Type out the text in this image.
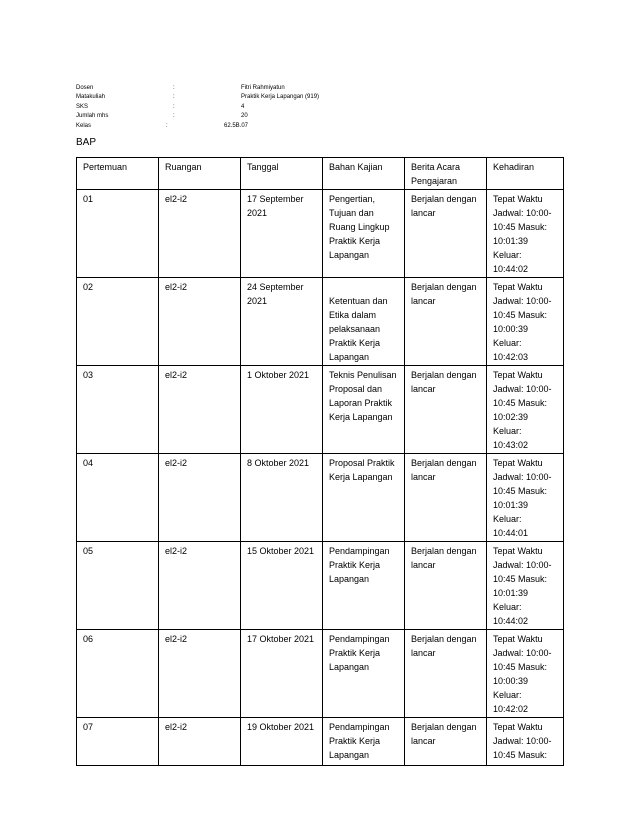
Dosen	:	Fitri Rahmiyatun
Matakuliah	:	Praktik Kerja Lapangan (919)
SKS	:	4
Jumlah mhs	:	20
Kelas	:	62.5B.07
BAP
Pertemuan	Ruangan	Tanggal	Bahan Kajian	Berita Acara Pengajaran	Kehadiran
01	el2-i2	17 September 2021	Pengertian, Tujuan dan Ruang Lingkup Praktik Kerja Lapangan	Berjalan dengan lancar	Tepat Waktu Jadwal: 10:00-10:45 Masuk: 10:01:39 Keluar: 10:44:02
02	el2-i2	24 September 2021	Ketentuan dan Etika dalam pelaksanaan Praktik Kerja Lapangan	Berjalan dengan lancar	Tepat Waktu Jadwal: 10:00-10:45 Masuk: 10:00:39 Keluar: 10:42:03
03	el2-i2	1 Oktober 2021	Teknis Penulisan Proposal dan Laporan Praktik Kerja Lapangan	Berjalan dengan lancar	Tepat Waktu Jadwal: 10:00-10:45 Masuk: 10:02:39 Keluar: 10:43:02
04	el2-i2	8 Oktober 2021	Proposal Praktik Kerja Lapangan	Berjalan dengan lancar	Tepat Waktu Jadwal: 10:00-10:45 Masuk: 10:01:39 Keluar: 10:44:01
05	el2-i2	15 Oktober 2021	Pendampingan Praktik Kerja Lapangan	Berjalan dengan lancar	Tepat Waktu Jadwal: 10:00-10:45 Masuk: 10:01:39 Keluar: 10:44:02
06	el2-i2	17 Oktober 2021	Pendampingan Praktik Kerja Lapangan	Berjalan dengan lancar	Tepat Waktu Jadwal: 10:00-10:45 Masuk: 10:00:39 Keluar: 10:42:02
07	el2-i2	19 Oktober 2021	Pendampingan Praktik Kerja Lapangan	Berjalan dengan lancar	Tepat Waktu Jadwal: 10:00-10:45 Masuk:
